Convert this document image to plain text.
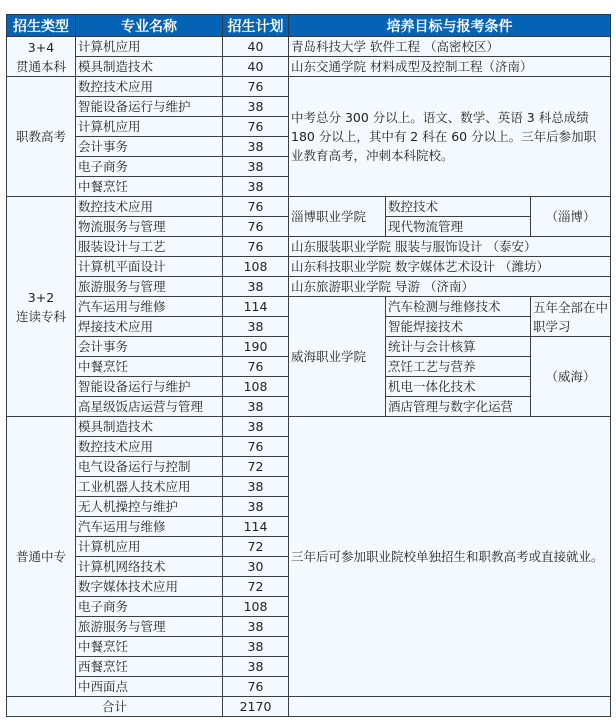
招生类型	专业名称	招生计划	培养目标与报考条件		

3+4
贯通本科	计算机应用	40	青岛科技大学 软件工程 （高密校区）		
	模具制造技术	40	山东交通学院 材料成型及控制工程（济南）		
职教高考	数控技术应用	76	中考总分 300 分以上。语文、数学、英语 3 科总成绩 180 分以上，其中有 2 科在 60 分以上。三年后参加职业教育高考，冲刺本科院校。		
	智能设备运行与维护	38			
	计算机应用	76			
	会计事务	38			
	电子商务	38			
	中餐烹饪	38			

3+2
连读专科	数控技术应用	76	淄博职业学院	数控技术	（淄博）
	物流服务与管理	76		现代物流管理	
	服装设计与工艺	76	山东服装职业学院 服装与服饰设计 （泰安）		
	计算机平面设计	108	山东科技职业学院 数字媒体艺术设计 （潍坊）		
	旅游服务与管理	38	山东旅游职业学院 导游 （济南）		
	汽车运用与维修	114	威海职业学院	汽车检测与维修技术	五年全部在中职学习
	焊接技术应用	38		智能焊接技术	
	会计事务	190		统计与会计核算	（威海）
	中餐烹饪	76		烹饪工艺与营养	
	智能设备运行与维护	108		机电一体化技术	
	高星级饭店运营与管理	38		酒店管理与数字化运营	
普通中专	模具制造技术	38	三年后可参加职业院校单独招生和职教高考或直接就业。		
	数控技术应用	76			
	电气设备运行与控制	72			
	工业机器人技术应用	38			
	无人机操控与维护	38			
	汽车运用与维修	114			
	计算机应用	72			
	计算机网络技术	30			
	数字媒体技术应用	72			
	电子商务	108			
	旅游服务与管理	38			
	中餐烹饪	38			
	西餐烹饪	38			
	中西面点	76			
合计		2170			
